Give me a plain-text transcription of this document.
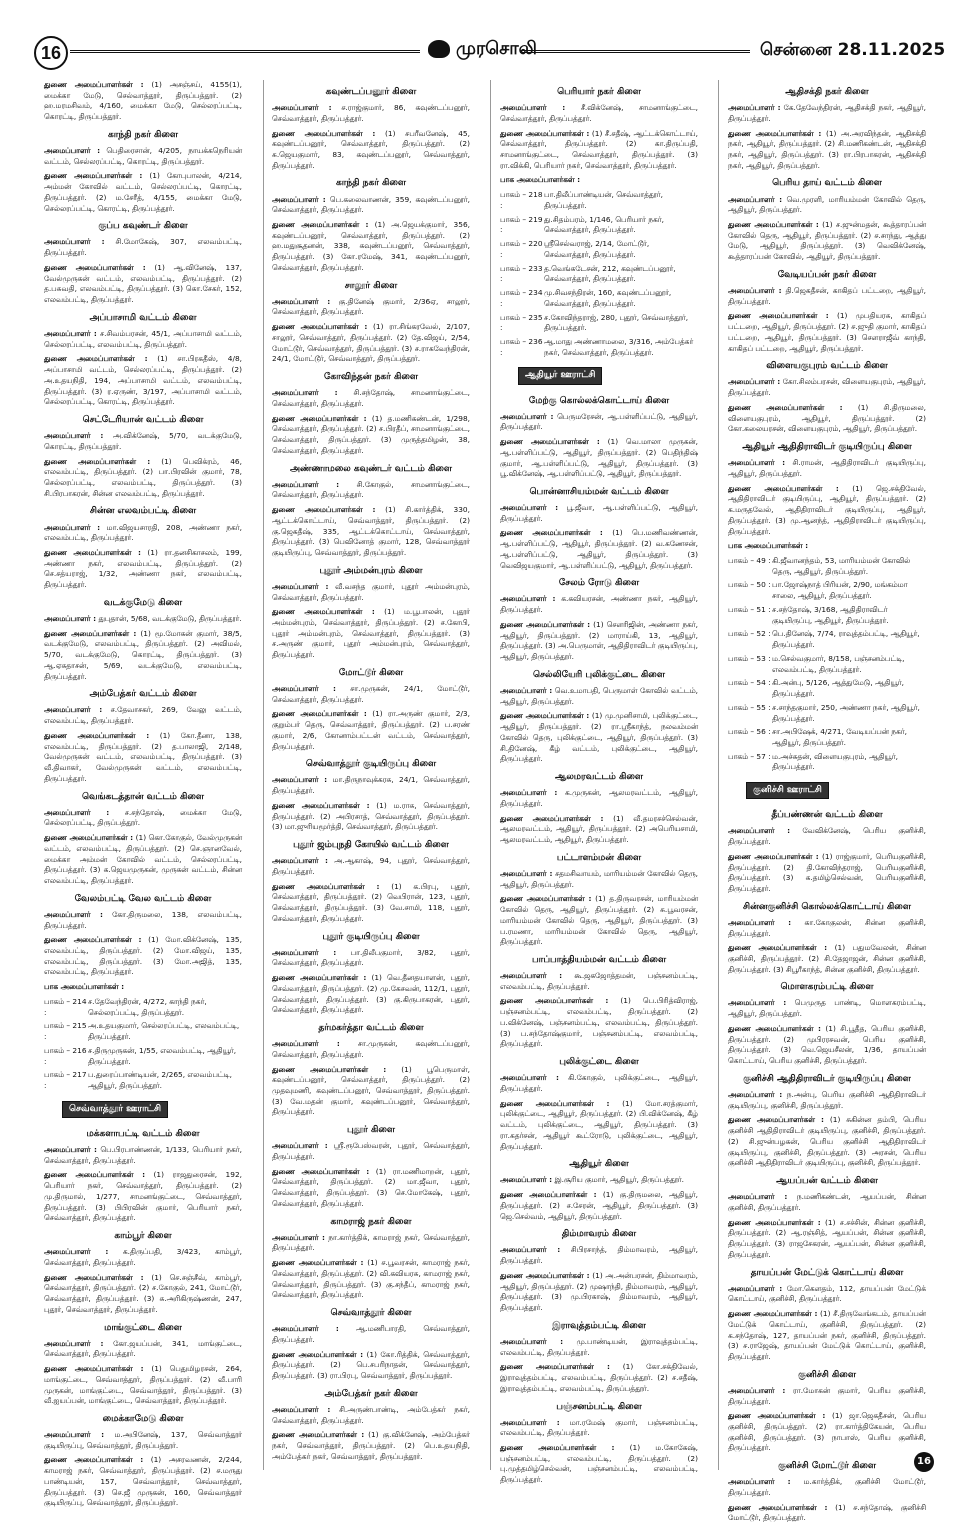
16	முரசொலி	சென்னை 28.11.2025

துணை அமைப்பாளர்கள் : (1) அசஞ்சய், 4155(1), மைக்கா மேடு, செல்வாத்தூர், திருப்பத்தூர். (2) ஹ.மரமசிவம், 4/160, மைக்கா மேடு, செல்லரப்பட்டி, கொரட்டி, திருப்பத்தூர்.

காந்தி நகர் கிளை

அமைப்பாளர் : பெதிரைசான், 4/205, நாயக்கநெரியன் வட்டம், செல்லரப்பட்டி, கொரட்டி, திருப்பத்தூர்.

துணை அமைப்பாளர்கள் : (1) கோபுபாலன், 4/214, அம்மன் கோவில் வட்டம், செல்லரப்பட்டி, கொரட்டி, திருப்பத்தூர். (2) ம.சேரீத், 4/155, மைக்கா மேடு, செல்லரப்பட்டி, கொரட்டி, திருப்பத்தூர்.

குப்ப கவுண்டர் கிளை

அமைப்பாளர் : சி.மோகேஷ், 307, எலவம்பட்டி, திருப்பத்தூர்.

துணை அமைப்பாளர்கள் : (1) ஆ.வினேஷ், 137, வேல்முருகன் வட்டம், எலவம்பட்டி, திருப்பத்தூர். (2) த.பசுவதி, எலவம்பட்டி, திருப்பத்தூர். (3) கொ.சேகர், 152, எலவம்பட்டி, திருப்பத்தூர்.

அப்பாசாமி வட்டம் கிளை

அமைப்பாளர் : ச.சிவம்பரசன், 45/1, அப்பாசாமி வட்டம், செல்லரப்பட்டி, எலவம்பட்டி, திருப்பத்தூர்.

துணை அமைப்பாளர்கள் : (1) சா.பிரகதீஸ், 4/8, அப்பாசாமி வட்டம், செல்லரப்பட்டி, திருப்பத்தூர். (2) அ.உதயநிதி, 194, அப்பாசாமி வட்டம், எலவம்பட்டி, திருப்பத்தூர். (3) ர.ஏருண், 3/197, அப்பாசாமி வட்டம், செல்லரப்பட்டி, கொரட்டி, திருப்பத்தூர்.

செட்டேரியான் வட்டம் கிளை

அமைப்பாளர் : அ.விக்னேஷ், 5/70, வடக்குமேடு, கொரட்டி, திருப்பத்தூர்.

துணை அமைப்பாளர்கள் : (1) பெவிக்ரம், 46, எலவம்பட்டி, திருப்பத்தூர். (2) பா.பிரவின் குமார், 78, செல்லரப்பட்டி, எலவம்பட்டி, திருப்பத்தூர். (3) சி.பிரபாகரன், சின்ன எலவம்பட்டி, திருப்பத்தூர்.

சின்ன எலவம்பட்டி கிளை

அமைப்பாளர் : மா.விஜயசாரதி, 208, அண்ணா நகர், எலவம்பட்டி, திருப்பத்தூர்.

துணை அமைப்பாளர்கள் : (1) ரா.தனசிகாசலம், 199, அண்ணா நகர், எலவம்பட்டி, திருப்பத்தூர். (2) செ.சத்யராஜ், 1/32, அண்ணா நகர், எலவம்பட்டி, திருப்பத்தூர்.

வடக்குமேடு கிளை

அமைப்பாளர் : துபுதான், 5/68, வடக்குமேடு, திருப்பத்தூர்.

துணை அமைப்பாளர்கள் : (1) மூ.மோகன் குமார், 38/5, வடக்குமேடு, எலவம்பட்டி, திருப்பத்தூர். (2) அவிமல், 5/70, வடக்குமேடு, கொரட்டி, திருப்பத்தூர். (3) ஆ.ஏசுதாசன், 5/69, வடக்குமேடு, எலவம்பட்டி, திருப்பத்தூர்.

அம்பேத்கர் வட்டம் கிளை

அமைப்பாளர் : ச.தேவாசகர், 269, வேலு வட்டம், எலவம்பட்டி, திருப்பத்தூர்.

துணை அமைப்பாளர்கள் : (1) கோ.தீனா, 138, எலவம்பட்டி, திருப்பத்தூர். (2) த.பாலாஜி, 2/148, வேல்முருகன் வட்டம், எலவம்பட்டி, திருப்பத்தூர். (3) வீ.திவாகர், வேல்முருகன் வட்டம், எலவம்பட்டி, திருப்பத்தூர்.

வெங்கடத்தான் வட்டம் கிளை

அமைப்பாளர் : ச.சந்தோஷ், மைக்கா மேடு, செல்லரப்பட்டி, திருப்பத்தூர்.

துணை அமைப்பாளர்கள் : (1) கொ.கோகுல், வேல்முருகன் வட்டம், எலவம்பட்டி, திருப்பத்தூர். (2) செ.ஞானவேல், மைக்கா அம்மன் கோவில் வட்டம், செல்லரப்பட்டி, திருப்பத்தூர். (3) க.ஜெயமுருகன், முருகன் வட்டம், சின்ன எலவம்பட்டி, திருப்பத்தூர்.

வேலம்பட்டி வேல வட்டம் கிளை

அமைப்பாளர் : கோ.திருமலை, 138, எலவம்பட்டி, திருப்பத்தூர்.

துணை அமைப்பாளர்கள் : (1) மோ.விக்னேஷ், 135, எலவம்பட்டி, திருப்பத்தூர். (2) மோ.விஜய், 135, எலவம்பட்டி, திருப்பத்தூர். (3) மோ.அஜித், 135, எலவம்பட்டி, திருப்பத்தூர்.

பாக அமைப்பாளர்கள் :

பாகம் – 214 :
ச.தேவேந்திரன், 4/272, காந்தி நகர், செல்லரப்பட்டி, திருப்பத்தூர்.
பாகம் – 215 :
அ.உதயகுமார், செல்லரப்பட்டி, எலவம்பட்டி, திருப்பத்தூர்.
பாகம் – 216 :
ச.திருமுருகன், 1/55, எலவம்பட்டி, ஆதியூர், திருப்பத்தூர்.
பாகம் – 217 :
ப.துரைப்பாண்டியன், 2/265, எலவம்பட்டி, ஆதியூர், திருப்பத்தூர்.
செவ்வாத்தூர் ஊராட்சி
மக்களாபட்டி வட்டம் கிளை

அமைப்பாளர் : பெ.பிரபாண்ணன், 1/133, பெரியார் நகர், செவ்வாத்தூர், திருப்பத்தூர்.

துணை அமைப்பாளர்கள் : (1) ராஜதுரைசன், 192, பெரியார் நகர், செவ்வாத்தூர், திருப்பத்தூர். (2) மு.திருமால், 1/277, சாமனங்குட்டை, செவ்வாத்தூர், திருப்பத்தூர். (3) பிபிரவின் குமார், பெரியார் நகர், செவ்வாத்தூர், திருப்பத்தூர்.

காம்பூர் கிளை

அமைப்பாளர் : க.திருப்பதி, 3/423, காம்பூர், செவ்வாத்தூர், திருப்பத்தூர்.

துணை அமைப்பாளர்கள் : (1) செ.சஞ்சீவ், காம்பூர், செவ்வாத்தூர், திருப்பத்தூர். (2) ச.கோகுல், 241, மோட்டூர், செவ்வாத்தூர், திருப்பத்தூர். (3) சு.அரிகிருஷ்ணன், 247, புதூர், செவ்வாத்தூர், திருப்பத்தூர்.

மாங்குட்டை கிளை

அமைப்பாளர் : கோ.ஜயப்பன், 341, மாங்குட்டை, செவ்வாத்தூர், திருப்பத்தூர்.

துணை அமைப்பாளர்கள் : (1) பெதுமிழரசன், 264, மாங்குட்டை, செவ்வாத்தூர், திருப்பத்தூர். (2) வீ.பாரி முருகன், மாங்குட்டை, செவ்வாத்தூர், திருப்பத்தூர். (3) வீ.ஐயப்பன், மாங்குட்டை, செவ்வாத்தூர், திருப்பத்தூர்.

மைக்காமேடு கிளை

அமைப்பாளர் : ம.அபினேஷ், 137, செவ்வாத்தூர் குடியிருப்பு, செவ்வாத்தூர், திருப்பத்தூர்.

துணை அமைப்பாளர்கள் : (1) அசரவணன், 2/244, காமராஜ் நகர், செவ்வாத்தூர், திருப்பத்தூர். (2) ச.மருது பாண்டியன், 157, செவ்வாத்தூர், செவ்வாத்தூர், திருப்பத்தூர். (3) செ.ஜீ முருகன், 160, செவ்வாத்தூர் குடியிருப்பு, செவ்வாத்தூர், திருப்பத்தூர்.

கவுண்டப்பனூர் கிளை

அமைப்பாளர் : ச.ராஜ்குமார், 86, கவுண்டப்பனூர், செவ்வாத்தூர், திருப்பத்தூர்.

துணை அமைப்பாளர்கள் : (1) சபரீவனேஷ், 45, கவுண்டப்பனூர், செவ்வாத்தூர், திருப்பத்தூர். (2) சு.ஜெயகுமார், 83, கவுண்டப்பனூர், செவ்வாத்தூர், திருப்பத்தூர்.

காந்தி நகர் கிளை

அமைப்பாளர் : பெ.கலைவாணன், 359, கவுண்டப்பனூர், செவ்வாத்தூர், திருப்பத்தூர்.

துணை அமைப்பாளர்கள் : (1) அ.ஜெயக்குமார், 356, கவுண்டப்பனூர், செவ்வாத்தூர், திருப்பத்தூர். (2) ஹ.மதுசூதனன், 338, கவுண்டப்பனூர், செவ்வாத்தூர், திருப்பத்தூர். (3) கோ.ரமேஷ், 341, கவுண்டப்பனூர், செவ்வாத்தூர், திருப்பத்தூர்.

சாலூர் கிளை

அமைப்பாளர் : கு.தினேஷ் குமார், 2/36ஏ, சாலூர், செவ்வாத்தூர், திருப்பத்தூர்.

துணை அமைப்பாளர்கள் : (1) ரா.சிங்கரவேல், 2/107, சாலூர், செவ்வாத்தூர், திருப்பத்தூர். (2) தே.விஜய், 2/54, மோட்டூர், செவ்வாத்தூர், திருப்பத்தூர். (3) ச.ராகவேந்திரன், 24/1, மோட்டூர், செவ்வாத்தூர், திருப்பத்தூர்.

கோவிந்தன் நகர் கிளை

அமைப்பாளர் : சி.சந்தோஷ், சாமனாங்குட்டை, செவ்வாத்தூர், திருப்பத்தூர்.

துணை அமைப்பாளர்கள் : (1) த.மணிகண்டன், 1/298, செவ்வாத்தூர், திருப்பத்தூர். (2) ச.பிரதீப், சாமனாங்குட்டை, செவ்வாத்தூர், திருப்பத்தூர். (3) முருத்தமிழன், 38, செவ்வாத்தூர், திருப்பத்தூர்.

அண்ணாமலை கவுண்டர் வட்டம் கிளை

அமைப்பாளர் : சி.கோகுல், சாமனாங்குட்டை, செவ்வாத்தூர், திருப்பத்தூர்.

துணை அமைப்பாளர்கள் : (1) சி.கார்த்திக், 330, ஆட்டக்கொட்டாய், செவ்வாத்தூர், திருப்பத்தூர். (2) கு.ஜெகதீஷ், 335, ஆட்டக்கொட்டாய், செவ்வாத்தூர், திருப்பத்தூர். (3) பெவினோத் குமார், 128, செவ்வாத்தூர் குடியிருப்பு, செவ்வாத்தூர், திருப்பத்தூர்.

புதூர் அம்மன்புரம் கிளை

அமைப்பாளர் : வீ.வசந்த குமார், புதூர் அம்மன்புரம், செவ்வாத்தூர், திருப்பத்தூர்.

துணை அமைப்பாளர்கள் : (1) ம.பூபாலன், புதூர் அம்மன்புரம், செவ்வாத்தூர், திருப்பத்தூர். (2) ச.கோபி, புதூர் அம்மன்புரம், செவ்வாத்தூர், திருப்பத்தூர். (3) ச.அருண் குமார், புதூர் அம்மன்புரம், செவ்வாத்தூர், திருப்பத்தூர்.

மோட்டூர் கிளை

அமைப்பாளர் : சா.முருகன், 24/1, மோட்டூர், செவ்வாத்தூர், திருப்பத்தூர்.

துணை அமைப்பாளர்கள் : (1) ரா.அருண் குமார், 2/3, குறும்பர் தெரு, செவ்வாத்தூர், திருப்பத்தூர். (2) ப.சரண் குமார், 2/6, கோனாம்பட்டன் வட்டம், செவ்வாத்தூர், திருப்பத்தூர்.

செவ்வாத்தூர் குடியிருப்பு கிளை

அமைப்பாளர் : மா.திருநாவுக்கரசு, 24/1, செவ்வாத்தூர், திருப்பத்தூர்.

துணை அமைப்பாளர்கள் : (1) ம.ராசு, செவ்வாத்தூர், திருப்பத்தூர். (2) அபிரசாத், செவ்வாத்தூர், திருப்பத்தூர். (3) மா.ஜுரியமூர்த்தி, செவ்வாத்தூர், திருப்பத்தூர்.

புதூர் ஜம்புநதி கோயில் வட்டம் கிளை

அமைப்பாளர் : அ.ஆகாஷ், 94, புதூர், செவ்வாத்தூர், திருப்பத்தூர்.

துணை அமைப்பாளர்கள் : (1) க.பிரபு, புதூர், செவ்வாத்தூர், திருப்பத்தூர். (2) வெபிரான், 123, புதூர், செவ்வாத்தூர், திருப்பத்தூர். (3) வே.சாமி, 118, புதூர், செவ்வாத்தூர், திருப்பத்தூர்.

புதூர் குடியிருப்பு கிளை

அமைப்பாளர் : பா.திலீபகுமார், 3/82, புதூர், செவ்வாத்தூர், திருப்பத்தூர்.

துணை அமைப்பாளர்கள் : (1) வெ.தீனதயாளன், புதூர், செவ்வாத்தூர், திருப்பத்தூர். (2) மு.கேசவன், 112/1, புதூர், செவ்வாத்தூர், திருப்பத்தூர். (3) கு.கிருபாகரன், புதூர், செவ்வாத்தூர், திருப்பத்தூர்.

தர்மகர்த்தா வட்டம் கிளை

அமைப்பாளர் : சா.முருகன், கவுண்டப்பனூர், செவ்வாத்தூர், திருப்பத்தூர்.

துணை அமைப்பாளர்கள் : (1) பூபெருமாள், கவுண்டப்பனூர், செவ்வாத்தூர், திருப்பத்தூர். (2) முதவுமணி, கவுண்டப்பனூர், செவ்வாத்தூர், திருப்பத்தூர். (3) வே.மதன் குமார், கவுண்டப்பனூர், செவ்வாத்தூர், திருப்பத்தூர்.

புதூர் கிளை

அமைப்பாளர் : ஸ்ரீ.ரூபேஸ்வரன், புதூர், செவ்வாத்தூர், திருப்பத்தூர்.

துணை அமைப்பாளர்கள் : (1) ரா.மணிமாறன், புதூர், செவ்வாத்தூர், திருப்பத்தூர். (2) மா.ஜீவா, புதூர், செவ்வாத்தூர், திருப்பத்தூர். (3) செ.மோகேஷ், புதூர், செவ்வாத்தூர், திருப்பத்தூர்.

காமராஜ் நகர் கிளை

அமைப்பாளர் : நா.கார்த்திக், காமராஜ் நகர், செவ்வாத்தூர், திருப்பத்தூர்.

துணை அமைப்பாளர்கள் : (1) ச.பூவரசன், காமராஜ் நகர், செவ்வாத்தூர், திருப்பத்தூர். (2) வி.கவியரசு, காமராஜ் நகர், செவ்வாத்தூர், திருப்பத்தூர். (3) கு.சந்தீப், காமராஜ் நகர், செவ்வாத்தூர், திருப்பத்தூர்.

செவ்வாத்தூர் கிளை

அமைப்பாளர் : ஆ.மணிபாரதி, செவ்வாத்தூர், திருப்பத்தூர்.

துணை அமைப்பாளர்கள் : (1) கோ.ரித்திக், செவ்வாத்தூர், திருப்பத்தூர். (2) பெ.சபரிநாதன், செவ்வாத்தூர், திருப்பத்தூர். (3) ரா.பிரபு, செவ்வாத்தூர், திருப்பத்தூர்.

அம்பேத்கர் நகர் கிளை

அமைப்பாளர் : சி.அருண்பாண்டி, அம்பேத்கர் நகர், செவ்வாத்தூர், திருப்பத்தூர்.

துணை அமைப்பாளர்கள் : (1) கு.விக்னேஷ், அம்பேத்கர் நகர், செவ்வாத்தூர், திருப்பத்தூர். (2) பெ.உதயநிதி, அம்பேத்கர் நகர், செவ்வாத்தூர், திருப்பத்தூர்.

பெரியார் நகர் கிளை

அமைப்பாளர் : சீ.விக்னேஷ், சாமனாங்குட்டை, செவ்வாத்தூர், திருப்பத்தூர்.

துணை அமைப்பாளர்கள் : (1) சீ.சதீஷ், ஆட்டக்கொட்டாய், செவ்வாத்தூர், திருப்பத்தூர். (2) கா.திருப்பதி, சாமனாங்குட்டை, செவ்வாத்தூர், திருப்பத்தூர். (3) ரா.விக்கி, பெரியார் நகர், செவ்வாத்தூர், திருப்பத்தூர்.

பாக அமைப்பாளர்கள் :

பாகம் – 218 :
பா.திலீப்பாண்டியன், செவ்வாத்தூர், திருப்பத்தூர்.
பாகம் – 219 :
து.சிதம்பரம், 1/146, பெரியார் நகர், செவ்வாத்தூர், திருப்பத்தூர்.
பாகம் – 220 :
ஸ்ரீசெல்வராஜ், 2/14, மோட்டூர், செவ்வாத்தூர், திருப்பத்தூர்.
பாகம் – 233 :
த.வெங்கடேசன், 212, கவுண்டப்பனூர், செவ்வாத்தூர், திருப்பத்தூர்.
பாகம் – 234 :
மு.சிவசந்திரன், 160, கவுண்டப்பனூர், செவ்வாத்தூர், திருப்பத்தூர்.
பாகம் – 235 :
ச.கோவிந்தராஜ், 280, புதூர், செவ்வாத்தூர், திருப்பத்தூர்.
பாகம் – 236 :
ஆ.மாது அண்ணாமலை, 3/316, அம்பேத்கர் நகர், செவ்வாத்தூர், திருப்பத்தூர்.
ஆதியூர் ஊராட்சி
மேற்கு கொல்லக்கொட்டாய் கிளை

அமைப்பாளர் : பெருமரேசன், ஆ.பள்ளிப்பட்டு, ஆதியூர், திருப்பத்தூர்.

துணை அமைப்பாளர்கள் : (1) வெ.மாலா முருகன், ஆ.பள்ளிப்பட்டு, ஆதியூர், திருப்பத்தூர். (2) பெதிந்திஷ் குமார், ஆ.பள்ளிப்பட்டு, ஆதியூர், திருப்பத்தூர். (3) பூ.விக்னேஷ், ஆ.பள்ளிப்பட்டு, ஆதியூர், திருப்பத்தூர்.

பொன்னாசியம்மன் வட்டம் கிளை

அமைப்பாளர் : பூ.ஜீவா, ஆ.பள்ளிப்பட்டு, ஆதியூர், திருப்பத்தூர்.

துணை அமைப்பாளர்கள் : (1) பெ.மணிவண்ணன், ஆ.பள்ளிப்பட்டு, ஆதியூர், திருப்பத்தூர். (2) வ.கணேசன், ஆ.பள்ளிப்பட்டு, ஆதியூர், திருப்பத்தூர். (3) வெவிஜயகுமார், ஆ.பள்ளிப்பட்டு, ஆதியூர், திருப்பத்தூர்.

சேலம் ரோடு கிளை

அமைப்பாளர் : க.கவியரசன், அண்ணா நகர், ஆதியூர், திருப்பத்தூர்.

துணை அமைப்பாளர்கள் : (1) சௌரிஜின், அண்ணா நகர், ஆதியூர், திருப்பத்தூர். (2) மாராய்கி, 13, ஆதியூர், திருப்பத்தூர். (3) அ.பெருமாள், ஆதிதிராவிடர் குடியிருப்பு, ஆதியூர், திருப்பத்தூர்.

செல்லியேரி புலிக்குட்டை கிளை

அமைப்பாளர் : வெ.உமாபதி, பெருமாள் கோவில் வட்டம், ஆதியூர், திருப்பத்தூர்.

துணை அமைப்பாளர்கள் : (1) மு.முனிசாமி, புலிக்குட்டை, ஆதியூர், திருப்பத்தூர். (2) ரா.ஸ்ரீகாந்த், நலவம்மன் கோவில் தெரு, புலிக்குட்டை, ஆதியூர், திருப்பத்தூர். (3) சி.தினேஷ், கீழ் வட்டம், புலிக்குட்டை, ஆதியூர், திருப்பத்தூர்.

ஆலமரவட்டம் கிளை

அமைப்பாளர் : க.முருகன், ஆலமரவட்டம், ஆதியூர், திருப்பத்தூர்.

துணை அமைப்பாளர்கள் : (1) வீ.தமரசச்செல்வன், ஆலமரவட்டம், ஆதியூர், திருப்பத்தூர். (2) அபெரியசாமி, ஆலமரவட்டம், ஆதியூர், திருப்பத்தூர்.

பட்டாளம்மன் கிளை

அமைப்பாளர் : சதமசிவாயம், மாரியம்மன் கோவில் தெரு, ஆதியூர், திருப்பத்தூர்.

துணை அமைப்பாளர்கள் : (1) த.திருவரசன், மாரியம்மன் கோவில் தெரு, ஆதியூர், திருப்பத்தூர். (2) சு.பூவரசன், மாரியம்மன் கோவில் தெரு, ஆதியூர், திருப்பத்தூர். (3) ப.ரமணா, மாரியம்மன் கோவில் தெரு, ஆதியூர், திருப்பத்தூர்.

பாப்பாத்தியம்மன் வட்டம் கிளை

அமைப்பாளர் : கூ.ஜகஜோத்தமன், பஞ்சனம்பட்டி, எலவம்பட்டி, திருப்பத்தூர்.

துணை அமைப்பாளர்கள் : (1) பெ.பிரித்விராஜ், பஞ்சனம்பட்டி, எலவம்பட்டி, திருப்பத்தூர். (2) ப.விக்னேஷ், பஞ்சனம்பட்டி, எலவம்பட்டி, திருப்பத்தூர். (3) ப.சந்தோஷ்குமார், பஞ்சனம்பட்டி, எலவம்பட்டி, திருப்பத்தூர்.

புலிக்குட்டை கிளை

அமைப்பாளர் : கி.கோகுல், புலிக்குட்டை, ஆதியூர், திருப்பத்தூர்.

துணை அமைப்பாளர்கள் : (1) மோ.சரத்குமார், புலிக்குட்டை, ஆதியூர், திருப்பத்தூர். (2) பி.விக்னேஷ், கீழ் வட்டம், புலிக்குட்டை, ஆதியூர், திருப்பத்தூர். (3) ரா.கதர்சன், ஆதியூர் கூட்ரோடு, புலிக்குட்டை, ஆதியூர், திருப்பத்தூர்.

ஆதியூர் கிளை

அமைப்பாளர் : இ.சூரிய குமார், ஆதியூர், திருப்பத்தூர்.

துணை அமைப்பாளர்கள் : (1) கு.திருமலை, ஆதியூர், திருப்பத்தூர். (2) ச.சேரன், ஆதியூர், திருப்பத்தூர். (3) ஜெ.செல்வம், ஆதியூர், திருப்பத்தூர்.

திம்மாவரம் கிளை

அமைப்பாளர் : சிபிரசாந்த், திம்மாவரம், ஆதியூர், திருப்பத்தூர்.

துணை அமைப்பாளர்கள் : (1) அ.அன்பரசன், திம்மாவரம், ஆதியூர், திருப்பத்தூர். (2) முஷாந்தி, திம்மாவரம், ஆதியூர், திருப்பத்தூர். (3) மு.பிரகாஷ், திம்மாவரம், ஆதியூர், திருப்பத்தூர்.

இராவுத்தம்பட்டி கிளை

அமைப்பாளர் : மு.பாண்டியன், இராவுத்தம்பட்டி, எலவம்பட்டி, திருப்பத்தூர்.

துணை அமைப்பாளர்கள் : (1) கோ.சக்திவேல், இராவுத்தம்பட்டி, எலவம்பட்டி, திருப்பத்தூர். (2) ச.சதீஷ், இராவுத்தம்பட்டி, எலவம்பட்டி, திருப்பத்தூர்.

பஞ்சனம்பட்டி கிளை

அமைப்பாளர் : மா.ரமேஷ் குமார், பஞ்சனம்பட்டி, எலவம்பட்டி, திருப்பத்தூர்.

துணை அமைப்பாளர்கள் : (1) ம.கோகேஷ், பஞ்சனம்பட்டி, எலவம்பட்டி, திருப்பத்தூர். (2) பு.முத்தமிழ்செல்வன், பஞ்சனம்பட்டி, எலவம்பட்டி, திருப்பத்தூர்.

ஆதிசக்தி நகர் கிளை

அமைப்பாளர் : கே.தேவேந்திரன், ஆதிசக்தி நகர், ஆதியூர், திருப்பத்தூர்.

துணை அமைப்பாளர்கள் : (1) அ.அரவிந்தன், ஆதிசக்தி நகர், ஆதியூர், திருப்பத்தூர். (2) சி.மணிகண்டன், ஆதிசக்தி நகர், ஆதியூர், திருப்பத்தூர். (3) ரா.பிரபாகரன், ஆதிசக்தி நகர், ஆதியூர், திருப்பத்தூர்.

பெரிய தாய் வட்டம் கிளை

அமைப்பாளர் : வெ.முரளி, மாரியம்மன் கோவில் தெரு, ஆதியூர், திருப்பத்தூர்.

துணை அமைப்பாளர்கள் : (1) ச.ஜுன்மதன், கூத்தாரப்பன் கோவில் தெரு, ஆதியூர், திருப்பத்தூர். (2) ச.சாந்து, ஆத்து மேடு, ஆதியூர், திருப்பத்தூர். (3) வெவிக்னேஷ், கூத்தாரப்பன் கோவில், ஆதியூர், திருப்பத்தூர்.

வேடியப்பன் நகர் கிளை

அமைப்பாளர் : தி.ஜெகதீசன், காகிதப் பட்டறை, ஆதியூர், திருப்பத்தூர்.

துணை அமைப்பாளர்கள் : (1) முபதியரசு, காகிதப் பட்டறை, ஆதியூர், திருப்பத்தூர். (2) ச.ஜுதி குமார், காகிதப் பட்டறை, ஆதியூர், திருப்பத்தூர். (3) சௌராஜீவ் காந்தி, காகிதப் பட்டறை, ஆதியூர், திருப்பத்தூர்.

விளையகுபுரம் வட்டம் கிளை

அமைப்பாளர் : கோ.சிலம்பரசன், விளையகுபுரம், ஆதியூர், திருப்பத்தூர்.

துணை அமைப்பாளர்கள் : (1) சி.திருமலை, விளையகுபுரம், ஆதியூர், திருப்பத்தூர். (2) கோ.கலையரசன், விளையகுபுரம், ஆதியூர், திருப்பத்தூர்.

ஆதியூர் ஆதிதிராவிடர் குடியிருப்பு கிளை

அமைப்பாளர் : சி.ராமன், ஆதிதிராவிடர் குடியிருப்பு, ஆதியூர், திருப்பத்தூர்.

துணை அமைப்பாளர்கள் : (1) ஜெ.சக்திவேல், ஆதிதிராவிடர் குடியிருப்பு, ஆதியூர், திருப்பத்தூர். (2) க.மருதவேல், ஆதிதிராவிடர் குடியிருப்பு, ஆதியூர், திருப்பத்தூர். (3) மு.ஆனந்த், ஆதிதிராவிடர் குடியிருப்பு, திருப்பத்தூர்.

பாக அமைப்பாளர்கள் :

பாகம் – 49 : கி.ஜீவானந்தம், 53, மாரியம்மன் கோவில் தெரு, ஆதியூர், திருப்பத்தூர்.
பாகம் – 50 : பா.ஜோஷ்நாத் பிரியன், 2/90, மங்கம்மா சாலை, ஆதியூர், திருப்பத்தூர்.
பாகம் – 51 : ச.சந்தோஷ், 3/168, ஆதிதிராவிடர் குடியிருப்பு, ஆதியூர், திருப்பத்தூர்.
பாகம் – 52 : பெ.தினேஷ், 7/74, ராவுத்தம்பட்டி, ஆதியூர், திருப்பத்தூர்.
பாகம் – 53 : ம.செல்வகுமார், 8/158, பஞ்சனம்பட்டி, எலவம்பட்டி, திருப்பத்தூர்.
பாகம் – 54 : கி.அன்பு, 5/126, ஆத்துமேடு, ஆதியூர், திருப்பத்தூர்.
பாகம் – 55 : ச.சாந்தகுமார், 250, அண்ணா நகர், ஆதியூர், திருப்பத்தூர்.
பாகம் – 56 : சா.அபிஷேக், 4/271, வேடியப்பன் நகர், ஆதியூர், திருப்பத்தூர்.
பாகம் – 57 : ம.அச்சுதன், விளையகுபுரம், ஆதியூர், திருப்பத்தூர்.
குனிச்சி ஊராட்சி
தீப்பண்ணன் வட்டம் கிளை

அமைப்பாளர் : வேவிக்னேஷ், பெரிய குனிச்சி, திருப்பத்தூர்.

துணை அமைப்பாளர்கள் : (1) ராஜ்குமார், பெரியகுனிச்சி, திருப்பத்தூர். (2) தி.கோவிந்தராஜ், பெரியகுனிச்சி, திருப்பத்தூர். (3) க.தமிழ்செல்வன், பெரியகுனிச்சி, திருப்பத்தூர்.

சின்னகுனிச்சி கொல்லக்கொட்டாய் கிளை

அமைப்பாளர் : கா.கோகுலன், சின்ன குனிச்சி, திருப்பத்தூர்.

துணை அமைப்பாளர்கள் : (1) பதுமவேலன், சின்ன குனிச்சி, திருப்பத்தூர். (2) சி.தேஜாஜன், சின்ன குனிச்சி, திருப்பத்தூர். (3) சிபூரீகாந்த், சின்ன குனிச்சி, திருப்பத்தூர்.

மொளகரம்பட்டி கிளை

அமைப்பாளர் : பெமுருத பாண்டி, மொளகரம்பட்டி, ஆதியூர், திருப்பத்தூர்.

துணை அமைப்பாளர்கள் : (1) சி.பூதீத, பெரிய குனிச்சி, திருப்பத்தூர். (2) முபிரரசவன், பெரிய குனிச்சி, திருப்பத்தூர். (3) வெ.ஜெயசீலன், 1/36, தாயப்பன் கொட்டாய், பெரிய குனிச்சி, திருப்பத்தூர்.

குனிச்சி ஆதிதிராவிடர் குடியிருப்பு கிளை

அமைப்பாளர் : ந.அன்பு, பெரிய குனிச்சி ஆதிதிராவிடர் குடியிருப்பு, குனிச்சி, திருப்பத்தூர்.

துணை அமைப்பாளர்கள் : (1) சுகின்ன தம்பி, பெரிய குனிச்சி ஆதிதிராவிடர் குடியிருப்பு, குனிச்சி, திருப்பத்தூர். (2) சி.ஜுன்பழகன், பெரிய குனிச்சி ஆதிதிராவிடர் குடியிருப்பு, குனிச்சி, திருப்பத்தூர். (3) அரசன், பெரிய குனிச்சி ஆதிதிராவிடர் குடியிருப்பு, குனிச்சி, திருப்பத்தூர்.

ஆயப்பன் வட்டம் கிளை

அமைப்பாளர் : ந.மணிகண்டன், ஆயப்பன், சின்ன குனிச்சி, திருப்பத்தூர்.

துணை அமைப்பாளர்கள் : (1) ச.சச்சின், சின்ன குனிச்சி, திருப்பத்தூர். (2) ஆ.ரஞ்சித், ஆயப்பன், சின்ன குனிச்சி, திருப்பத்தூர். (3) ராஜசேகரன், ஆயப்பன், சின்ன குனிச்சி, திருப்பத்தூர்.

தாயப்பன் மேட்டுக் கொட்டாய் கிளை

அமைப்பாளர் : மோ.கௌதம், 112, தாயப்பன் மேட்டுக் கொட்டாய், குனிச்சி, திருப்பத்தூர்.

துணை அமைப்பாளர்கள் : (1) சீ.திருவேங்கடம், தாயப்பன் மேட்டுக் கொட்டாய், குனிச்சி, திருப்பத்தூர். (2) க.சந்தோஷ், 127, தாயப்பன் நகர், குனிச்சி, திருப்பத்தூர். (3) ச.ராஜேஷ், தாயப்பன் மேட்டுக் கொட்டாய், குனிச்சி, திருப்பத்தூர்.

குனிச்சி கிளை

அமைப்பாளர் : ரா.மோகன் குமார், பெரிய குனிச்சி, திருப்பத்தூர்.

துணை அமைப்பாளர்கள் : (1) ஜா.ஜெகதீசன், பெரிய குனிச்சி, திருப்பத்தூர். (2) ரா.கார்த்திகேயன், பெரிய குனிச்சி, திருப்பத்தூர். (3) நாபாஸ், பெரிய குனிச்சி, திருப்பத்தூர்.

குனிச்சி மோட்டூர் கிளை

அமைப்பாளர் : ம.கார்த்திக், குனிச்சி மோட்டூர், திருப்பத்தூர்.

துணை அமைப்பாளர்கள் : (1) ச.சந்தோஷ், குனிச்சி மோட்டூர், திருப்பத்தூர்.

16
